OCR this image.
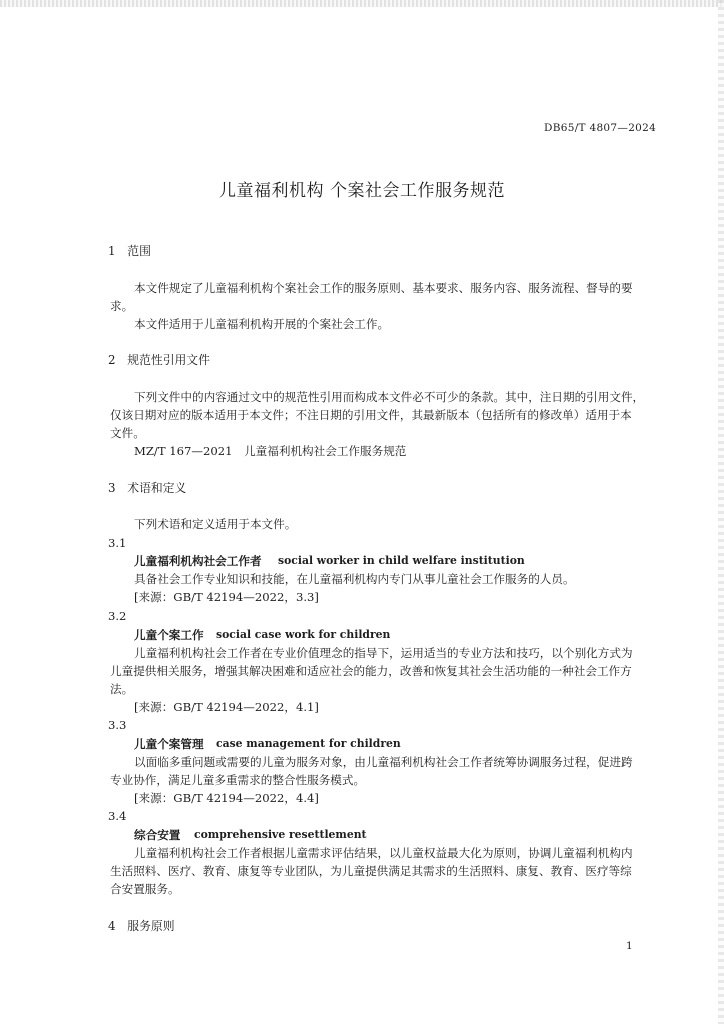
DB65/T 4807—2024
儿童福利机构 个案社会工作服务规范
1　范围
本文件规定了儿童福利机构个案社会工作的服务原则、基本要求、服务内容、服务流程、督导的要
求。
本文件适用于儿童福利机构开展的个案社会工作。
2　规范性引用文件
下列文件中的内容通过文中的规范性引用而构成本文件必不可少的条款。其中，注日期的引用文件，
仅该日期对应的版本适用于本文件；不注日期的引用文件，其最新版本（包括所有的修改单）适用于本
文件。
MZ/T 167—2021　儿童福利机构社会工作服务规范
3　术语和定义
下列术语和定义适用于本文件。
3.1
儿童福利机构社会工作者 social worker in child welfare institution
具备社会工作专业知识和技能，在儿童福利机构内专门从事儿童社会工作服务的人员。
[来源：GB/T 42194—2022，3.3]
3.2
儿童个案工作 social case work for children
儿童福利机构社会工作者在专业价值理念的指导下，运用适当的专业方法和技巧，以个别化方式为
儿童提供相关服务，增强其解决困难和适应社会的能力，改善和恢复其社会生活功能的一种社会工作方
法。
[来源：GB/T 42194—2022，4.1]
3.3
儿童个案管理 case management for children
以面临多重问题或需要的儿童为服务对象，由儿童福利机构社会工作者统筹协调服务过程，促进跨
专业协作，满足儿童多重需求的整合性服务模式。
[来源：GB/T 42194—2022，4.4]
3.4
综合安置 comprehensive resettlement
儿童福利机构社会工作者根据儿童需求评估结果，以儿童权益最大化为原则，协调儿童福利机构内
生活照料、医疗、教育、康复等专业团队，为儿童提供满足其需求的生活照料、康复、教育、医疗等综
合安置服务。
4　服务原则
1
